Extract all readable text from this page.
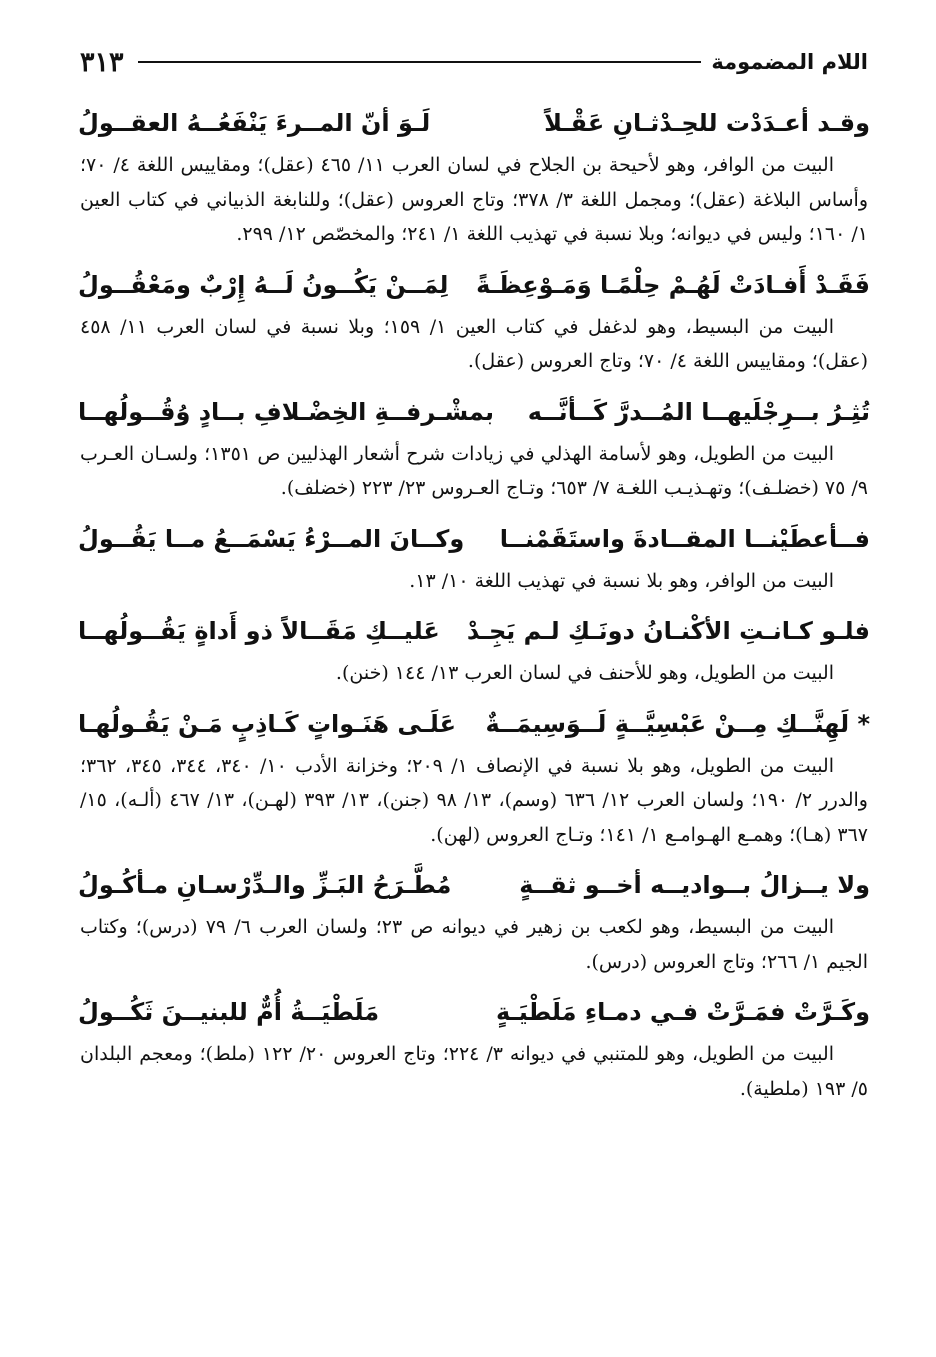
اللام المضمومة
٣١٣
وقـد أعـدَدْت للحِـدْثـانِ عَقْـلاً
لَـوَ أنّ المــرءَ يَنْفَعُــهُ العقــولُ

البيت من الوافر، وهو لأحيحة بن الجلاح في لسان العرب ١١/ ٤٦٥ (عقل)؛ ومقاييس اللغة ٤/ ٧٠؛ وأساس البلاغة (عقل)؛ ومجمل اللغة ٣/ ٣٧٨؛ وتاج العروس (عقل)؛ وللنابغة الذبياني في كتاب العين ١/ ١٦٠؛ وليس في ديوانه؛ وبلا نسبة في تهذيب اللغة ١/ ٢٤١؛ والمخصّص ١٢/ ٢٩٩.

فَقَـدْ أَفـادَتْ لَهُـمْ حِلْمًـا وَمَـوْعِظَـةً
لِمَــنْ يَكُــونُ لَــهُ إِرْبٌ ومَعْقُــولُ

البيت من البسيط، وهو لدغفل في كتاب العين ١/ ١٥٩؛ وبلا نسبة في لسان العرب ١١/ ٤٥٨ (عقل)؛ ومقاييس اللغة ٤/ ٧٠؛ وتاج العروس (عقل).

تُثِـرُ بــرِجْلَيهــا المُــدرَّ كَــأنَّــه
بمشْـرفــةِ الخِضْـلافِ بــادٍ وُقُــولُهــا

البيت من الطويل، وهو لأسامة الهذلي في زيادات شرح أشعار الهذليين ص ١٣٥١؛ ولسـان العـرب ٩/ ٧٥ (خضلـف)؛ وتهـذيـب اللغـة ٧/ ٦٥٣؛ وتـاج العـروس ٢٣/ ٢٢٣ (خضلف).

فــأعطَيْنــا المقــادةَ واستَقَمْنــا
وكــانَ المــرْءُ يَسْمَــعُ مــا يَقُــولُ

البيت من الوافر، وهو بلا نسبة في تهذيب اللغة ١٠/ ١٣.

فلـو كـانـتِ الأكْنـانُ دونَـكِ لـم يَجِـدْ
عَليــكِ مَقَــالاً ذو أَداةٍ يَقُــولُهــا

البيت من الطويل، وهو للأحنف في لسان العرب ١٣/ ١٤٤ (خنن).

* لَهِنَّــكِ مِــنْ عَبْسِيَّــةٍ لَــوَسِيمَــةٌ
عَلَـى هَنَـواتٍ كَـاذِبٍ مَـنْ يَقُـولُهـا

البيت من الطويل، وهو بلا نسبة في الإنصاف ١/ ٢٠٩؛ وخزانة الأدب ١٠/ ٣٤٠، ٣٤٤، ٣٤٥، ٣٦٢؛ والدرر ٢/ ١٩٠؛ ولسان العرب ١٢/ ٦٣٦ (وسم)، ١٣/ ٩٨ (جنن)، ١٣/ ٣٩٣ (لهـن)، ١٣/ ٤٦٧ (ألـه)، ١٥/ ٣٦٧ (هـا)؛ وهمـع الهـوامـع ١/ ١٤١؛ وتـاج العروس (لهن).

ولا يــزالُ بــواديــه أخــو ثقــةٍ
مُطَّـرَحُ البَـزِّ والـدِّرْسـانِ مـأكُـولُ

البيت من البسيط، وهو لكعب بن زهير في ديوانه ص ٢٣؛ ولسان العرب ٦/ ٧٩ (درس)؛ وكتاب الجيم ١/ ٢٦٦؛ وتاج العروس (درس).

وكَـرَّتْ فمَـرَّتْ فـي دمـاءِ مَلَطْيَـةٍ
مَلَطْيَــةُ أُمٌّ للبنيــنَ ثَكُــولُ

البيت من الطويل، وهو للمتنبي في ديوانه ٣/ ٢٢٤؛ وتاج العروس ٢٠/ ١٢٢ (ملط)؛ ومعجم البلدان ٥/ ١٩٣ (ملطية).
